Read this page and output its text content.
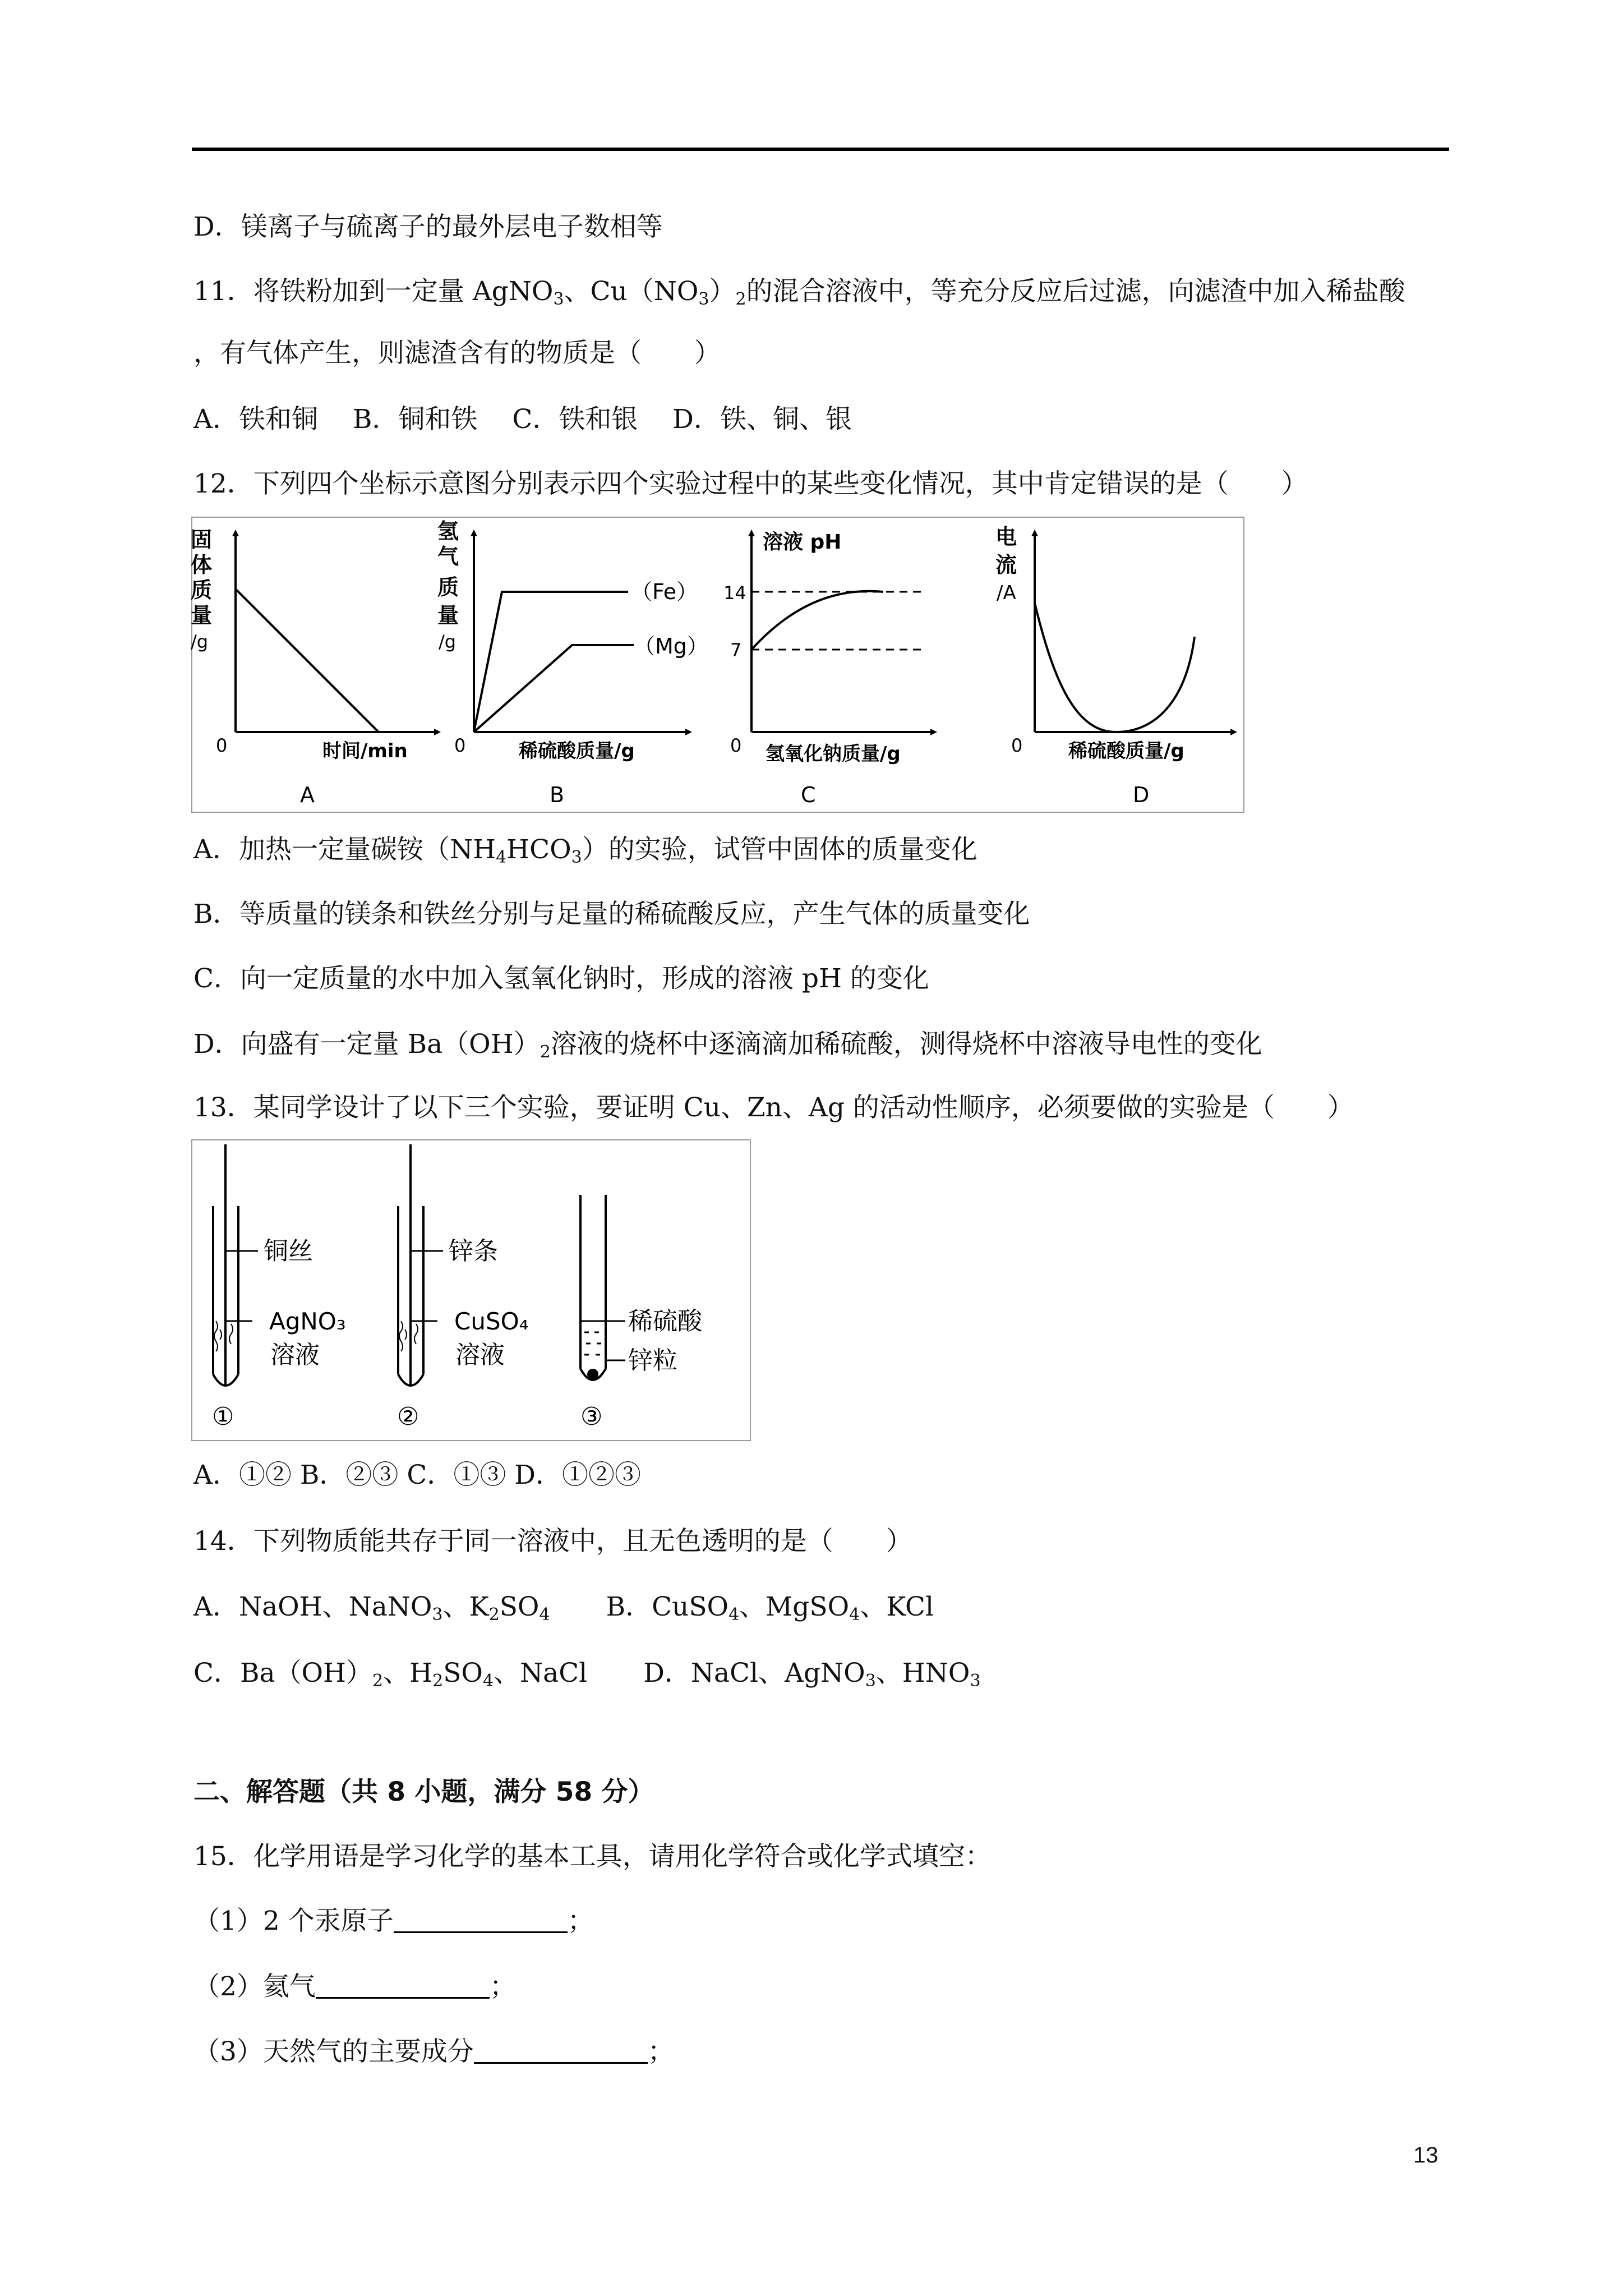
D．镁离子与硫离子的最外层电子数相等
11．将铁粉加到一定量 AgNO$_3$、$Cu(NO_3)_2$的混合溶液中，等充分反应后过滤，向滤渣中加入稀盐酸
，有气体产生，则滤渣含有的物质是（　　）
A．铁和铜　 B．铜和铁　 C．铁和银　 D．铁、铜、银
12．下列四个坐标示意图分别表示四个实验过程中的某些变化情况，其中肯定错误的是（　　）
固
体
质
量
/g
0	时间/min
A
氢
气
质
量
/g
（Fe）
（Mg）
0	稀硫酸质量/g
B
溶液 pH
14
7
0 氢氧化钠质量/g
C
电
流
/A
0 稀硫酸质量/g
D
A．加热一定量碳铵$(NH_4HCO_3)$的实验，试管中固体的质量变化
B．等质量的镁条和铁丝分别与足量的稀硫酸反应，产生气体的质量变化
C．向一定质量的水中加入氢氧化钠时，形成的溶液 pH 的变化
D．向盛有一定量 $Ba(OH)_2$溶液的烧杯中逐滴滴加稀硫酸，测得烧杯中溶液导电性的变化
13．某同学设计了以下三个实验，要证明 Cu、Zn、Ag 的活动性顺序，必须要做的实验是（　　）
铜丝
AgNO₃
溶液
①
锌条
CuSO₄
溶液
②
稀硫酸
锌粒
③
A．①② B．②③ C．①③ D．①②③
14．下列物质能共存于同一溶液中，且无色透明的是（　　）
A．NaOH、NaNO$_3$、$K_2SO_4$ B．CuSO$_4$、MgSO$_4$、KCl
C．$Ba(OH)_2$、$H_2SO_4$、NaCl D．NaCl、AgNO$_3$、$HNO_3$
二、解答题（共 8 小题，满分 58 分）
15．化学用语是学习化学的基本工具，请用化学符合或化学式填空：
（1）2 个汞原子	；
（2）氦气	；
（3）天然气的主要成分	；
13
